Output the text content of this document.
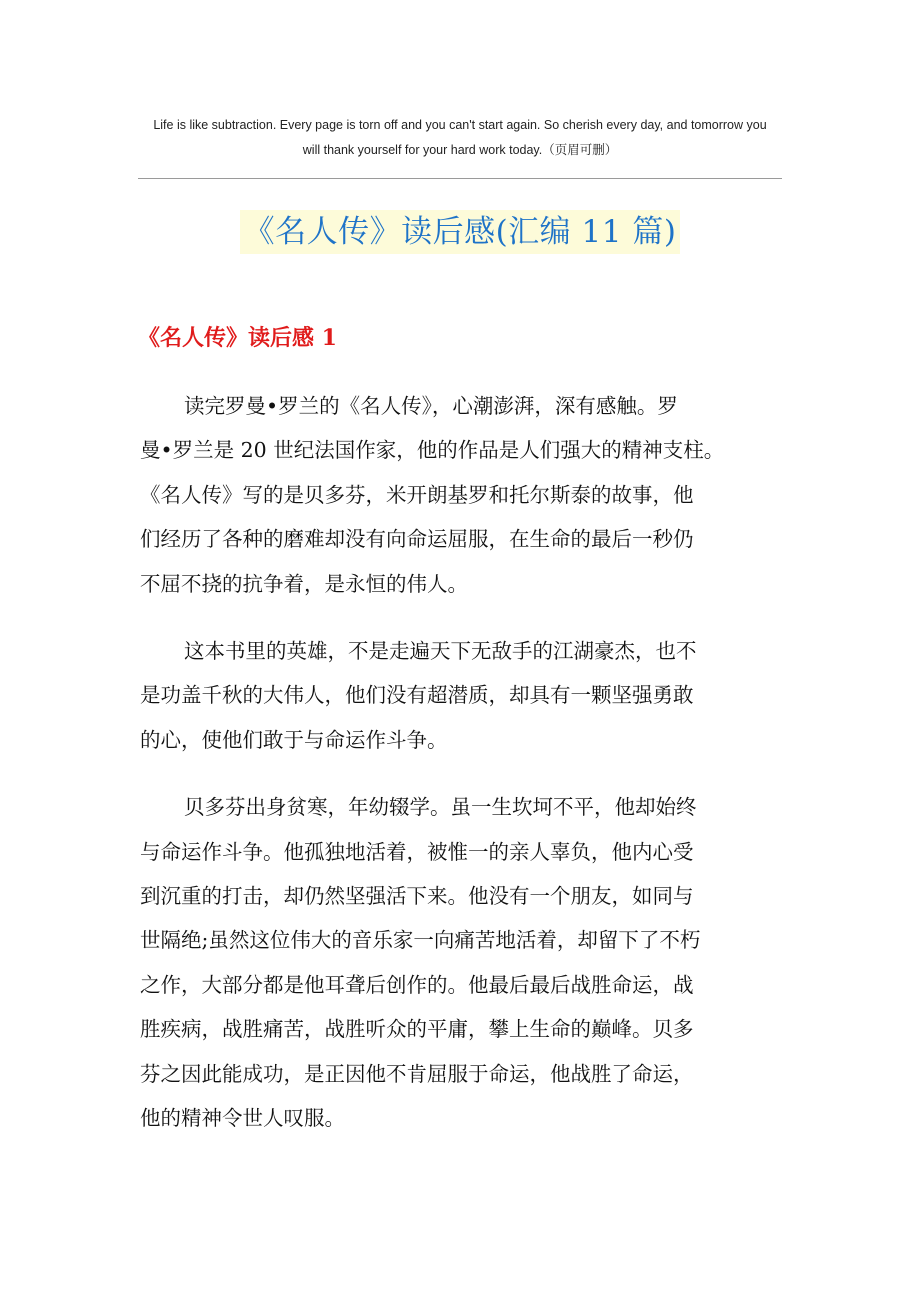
Life is like subtraction. Every page is torn off and you can't start again. So cherish every day, and tomorrow you
will thank yourself for your hard work today.（页眉可删）
《名人传》读后感(汇编 11 篇)
《名人传》读后感 1

读完罗曼•罗兰的《名人传》，心潮澎湃，深有感触。罗
曼•罗兰是 20 世纪法国作家，他的作品是人们强大的精神支柱。
《名人传》写的是贝多芬，米开朗基罗和托尔斯泰的故事，他
们经历了各种的磨难却没有向命运屈服，在生命的最后一秒仍
不屈不挠的抗争着，是永恒的伟人。

这本书里的英雄，不是走遍天下无敌手的江湖豪杰，也不
是功盖千秋的大伟人，他们没有超潜质，却具有一颗坚强勇敢
的心，使他们敢于与命运作斗争。

贝多芬出身贫寒，年幼辍学。虽一生坎坷不平，他却始终
与命运作斗争。他孤独地活着，被惟一的亲人辜负，他内心受
到沉重的打击，却仍然坚强活下来。他没有一个朋友，如同与
世隔绝;虽然这位伟大的音乐家一向痛苦地活着，却留下了不朽
之作，大部分都是他耳聋后创作的。他最后最后战胜命运，战
胜疾病，战胜痛苦，战胜听众的平庸，攀上生命的巅峰。贝多
芬之因此能成功，是正因他不肯屈服于命运，他战胜了命运，
他的精神令世人叹服。
